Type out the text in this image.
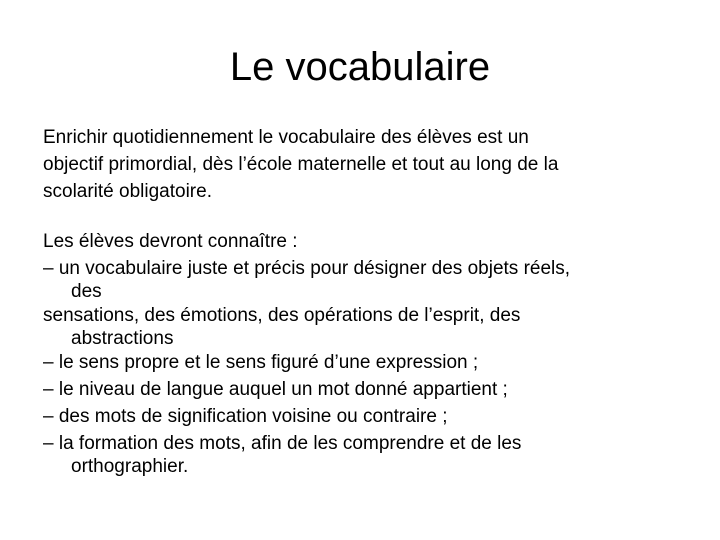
Le vocabulaire
Enrichir quotidiennement le vocabulaire des élèves est un
objectif primordial, dès l’école maternelle et tout au long de la
scolarité obligatoire.
Les élèves devront connaître :
– un vocabulaire juste et précis pour désigner des objets réels,
des
sensations, des émotions, des opérations de l’esprit, des
abstractions
– le sens propre et le sens figuré d’une expression ;
– le niveau de langue auquel un mot donné appartient ;
– des mots de signification voisine ou contraire ;
– la formation des mots, afin de les comprendre et de les
orthographier.
